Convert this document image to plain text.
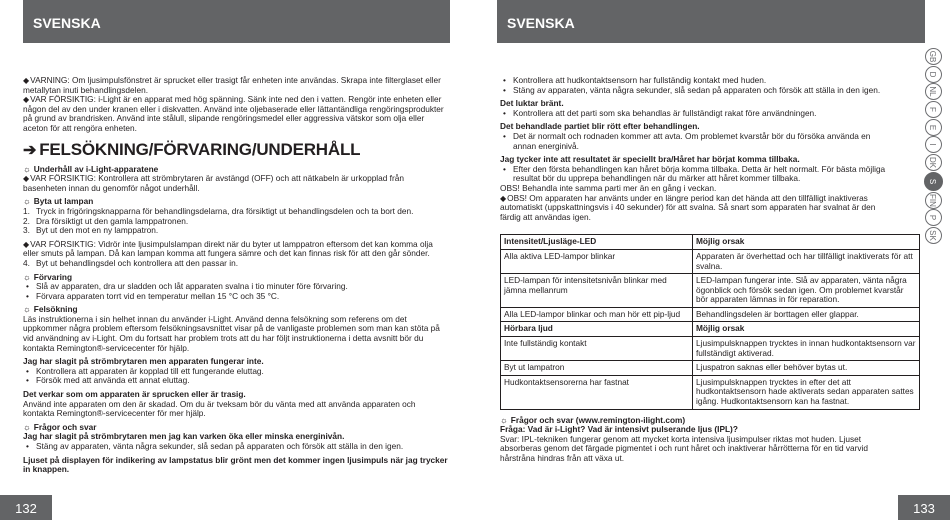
SVENSKA

◆ VARNING: Om ljusimpulsfönstret är sprucket eller trasigt får enheten inte användas. Skrapa inte filterglaset eller metallytan inuti behandlingsdelen.

◆ VAR FÖRSIKTIG: i-Light är en apparat med hög spänning. Sänk inte ned den i vatten. Rengör inte enheten eller någon del av den under kranen eller i diskvatten. Använd inte oljebaserade eller lättantändliga rengöringsprodukter på grund av brandrisken. Använd inte stålull, slipande rengöringsmedel eller aggressiva vätskor som olja eller aceton för att rengöra enheten.

➔ FELSÖKNING/FÖRVARING/UNDERHÅLL

☼ Underhåll av i-Light-apparatene

◆ VAR FÖRSIKTIG: Kontrollera att strömbrytaren är avstängd (OFF) och att nätkabeln är urkopplad från basenheten innan du genomför något underhåll.

☼ Byta ut lampan

1. Tryck in frigöringsknapparna för behandlingsdelarna, dra försiktigt ut behandlingsdelen och ta bort den.
2. Dra försiktigt ut den gamla lamppatronen.
3. Byt ut den mot en ny lamppatron.

◆ VAR FÖRSIKTIG: Vidrör inte ljusimpulslampan direkt när du byter ut lamppatron eftersom det kan komma olja eller smuts på lampan. Då kan lampan komma att fungera sämre och det kan finnas risk för att den går sönder.

4. Byt ut behandlingsdel och kontrollera att den passar in.

☼ Förvaring

• Slå av apparaten, dra ur sladden och låt apparaten svalna i tio minuter före förvaring.
• Förvara apparaten torrt vid en temperatur mellan 15 °C och 35 °C.

☼ Felsökning

Läs instruktionerna i sin helhet innan du använder i-Light. Använd denna felsökning som referens om det uppkommer några problem eftersom felsökningsavsnittet visar på de vanligaste problemen som man kan stöta på vid användning av i-Light. Om du fortsatt har problem trots att du har följt instruktionerna i detta avsnitt bör du kontakta Remington®-servicecenter för hjälp.

Jag har slagit på strömbrytaren men apparaten fungerar inte.

• Kontrollera att apparaten är kopplad till ett fungerande eluttag.
• Försök med att använda ett annat eluttag.

Det verkar som om apparaten är sprucken eller är trasig.

Använd inte apparaten om den är skadad. Om du är tveksam bör du vänta med att använda apparaten och kontakta Remington®-servicecenter för mer hjälp.

☼ Frågor och svar

Jag har slagit på strömbrytaren men jag kan varken öka eller minska energinivån.

• Stäng av apparaten, vänta några sekunder, slå sedan på apparaten och försök att ställa in den igen.

Ljuset på displayen för indikering av lampstatus blir grönt men det kommer ingen ljusimpuls när jag trycker in knappen.

132
SVENSKA
• Kontrollera att hudkontaktsensorn har fullständig kontakt med huden.
• Stäng av apparaten, vänta några sekunder, slå sedan på apparaten och försök att ställa in den igen.

Det luktar bränt.

• Kontrollera att det parti som ska behandlas är fullständigt rakat före användningen.

Det behandlade partiet blir rött efter behandlingen.

• Det är normalt och rodnaden kommer att avta. Om problemet kvarstår bör du försöka använda en annan energinivå.

Jag tycker inte att resultatet är speciellt bra/Håret har börjat komma tillbaka.

• Efter den första behandlingen kan håret börja komma tillbaka. Detta är helt normalt. För bästa möjliga resultat bör du upprepa behandlingen när du märker att håret kommer tillbaka.

OBS! Behandla inte samma parti mer än en gång i veckan.

◆ OBS! Om apparaten har använts under en längre period kan det hända att den tillfälligt inaktiveras automatiskt (uppskattningsvis i 40 sekunder) för att svalna. Så snart som apparaten har svalnat är den färdig att användas igen.

Intensitet/Ljusläge-LED	Möjlig orsak
Alla aktiva LED-lampor blinkar	Apparaten är överhettad och har tillfälligt inaktiverats för att svalna.
LED-lampan för intensitetsnivån blinkar med jämna mellanrum	LED-lampan fungerar inte. Slå av apparaten, vänta några ögonblick och försök sedan igen. Om problemet kvarstår bör apparaten lämnas in för reparation.
Alla LED-lampor blinkar och man hör ett pip-ljud	Behandlingsdelen är borttagen eller glappar.
Hörbara ljud	Möjlig orsak
Inte fullständig kontakt	Ljusimpulsknappen trycktes in innan hudkontaktsensorn var fullständigt aktiverad.
Byt ut lampatron	Ljuspatron saknas eller behöver bytas ut.
Hudkontaktsensorerna har fastnat	Ljusimpulsknappen trycktes in efter det att hudkontaktsensorn hade aktiverats sedan apparaten sattes igång. Hudkontaktsensorn kan ha fastnat.

☼ Frågor och svar (www.remington-ilight.com)

Fråga: Vad är i-Light? Vad är intensivt pulserande ljus (IPL)?

Svar: IPL-tekniken fungerar genom att mycket korta intensiva ljusimpulser riktas mot huden. Ljuset absorberas genom det färgade pigmentet i och runt håret och inaktiverar hårrötterna för en tid varvid hårstråna hindras från att växa ut.

133
GB
D
NL
F
E
I
DK
S
FIN
P
SK
